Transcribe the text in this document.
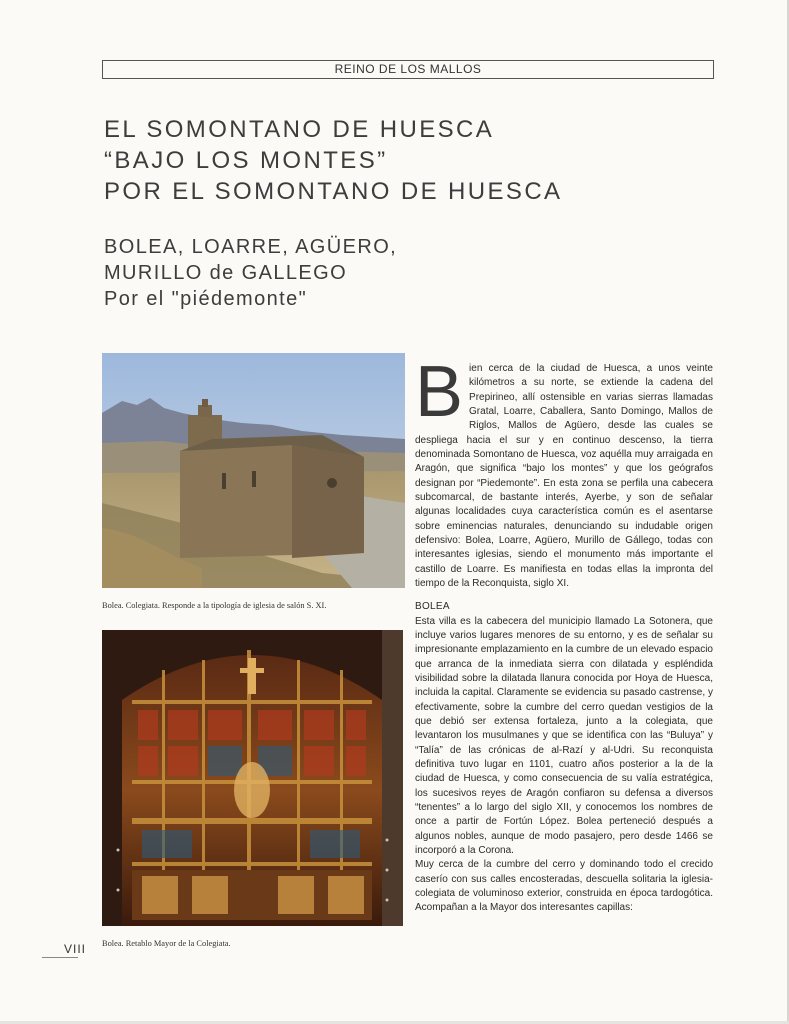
REINO DE LOS MALLOS
EL SOMONTANO DE HUESCA
“BAJO LOS MONTES”
POR EL SOMONTANO DE HUESCA
BOLEA, LOARRE, AGÜERO,
MURILLO de GALLEGO
Por el "piédemonte"
Bolea. Colegiata. Responde a la tipología de iglesia de salón S. XI.
Bolea. Retablo Mayor de la Colegiata.
VIII

Bien cerca de la ciudad de Huesca, a unos veinte kilómetros a su norte, se extiende la cadena del Prepirineo, allí ostensible en varias sierras llamadas Gratal, Loarre, Caballera, Santo Domingo, Mallos de Riglos, Mallos de Agüero, desde las cuales se despliega hacia el sur y en continuo descenso, la tierra denominada Somontano de Huesca, voz aquélla muy arraigada en Aragón, que significa “bajo los montes” y que los geógrafos designan por “Piedemonte”. En esta zona se perfila una cabecera subcomarcal, de bastante interés, Ayerbe, y son de señalar algunas localidades cuya característica común es el asentarse sobre eminencias naturales, denunciando su indudable origen defensivo: Bolea, Loarre, Agüero, Murillo de Gállego, todas con interesantes iglesias, siendo el monumento más importante el castillo de Loarre. Es manifiesta en todas ellas la impronta del tiempo de la Reconquista, siglo XI.

BOLEA

Esta villa es la cabecera del municipio llamado La Sotonera, que incluye varios lugares menores de su entorno, y es de señalar su impresionante emplazamiento en la cumbre de un elevado espacio que arranca de la inmediata sierra con dilatada y espléndida visibilidad sobre la dilatada llanura conocida por Hoya de Huesca, incluida la capital. Claramente se evidencia su pasado castrense, y efectivamente, sobre la cumbre del cerro quedan vestigios de la que debió ser extensa fortaleza, junto a la colegiata, que levantaron los musulmanes y que se identifica con las “Buluya” y “Talía” de las crónicas de al-Razí y al-Udri. Su reconquista definitiva tuvo lugar en 1101, cuatro años posterior a la de la ciudad de Huesca, y como consecuencia de su valía estratégica, los sucesivos reyes de Aragón confiaron su defensa a diversos “tenentes” a lo largo del siglo XII, y conocemos los nombres de once a partir de Fortún López. Bolea perteneció después a algunos nobles, aunque de modo pasajero, pero desde 1466 se incorporó a la Corona.

Muy cerca de la cumbre del cerro y dominando todo el crecido caserío con sus calles encosteradas, descuella solitaria la iglesia-colegiata de voluminoso exterior, construida en época tardogótica. Acompañan a la Mayor dos interesantes capillas:
